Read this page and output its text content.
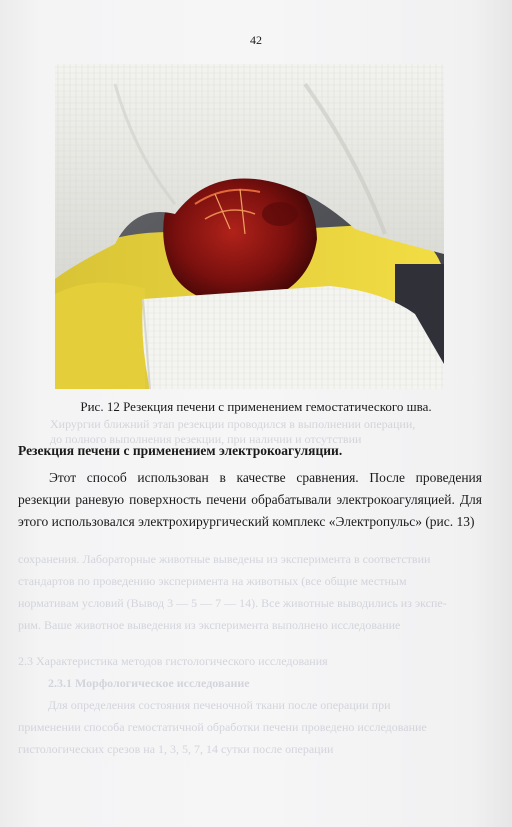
42
Рис. 12 Резекция печени с применением гемостатического шва.
Хирургии ближний этап резекции проводился в выполнении операции,
до полного выполнения резекции, при наличии и отсутствии
Резекция печени с применением электрокоагуляции.
Этот способ использован в качестве сравнения. После проведения резекции раневую поверхность печени обрабатывали электрокоагуляцией. Для этого использовался электрохирургический комплекс «Электропульс» (рис. 13)
сохранения. Лабораторные животные выведены из эксперимента в соответствии
стандартов по проведению эксперимента на животных (все общие местным
нормативам условий (Вывод 3 — 5 — 7 — 14). Все животные выводились из экспе-
рим. Ваше животное выведения из эксперимента выполнено исследование
2.3 Характеристика методов гистологического исследования
2.3.1 Морфологическое исследование
Для определения состояния печеночной ткани после операции при
применении способа гемостатичной обработки печени проведено исследование
гистологических срезов на 1, 3, 5, 7, 14 сутки после операции
